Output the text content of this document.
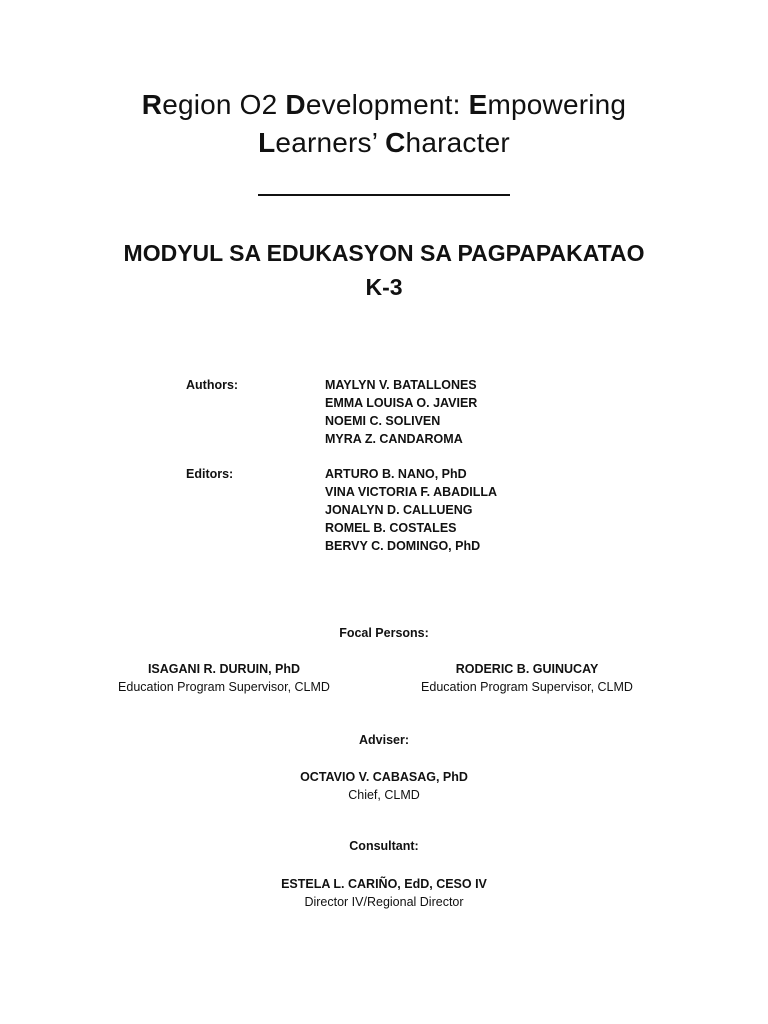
Region O2 Development: Empowering
Learners’ Character
MODYUL SA EDUKASYON SA PAGPAPAKATAO
K-3
Authors:	MAYLYN V. BATALLONES
EMMA LOUISA O. JAVIER
NOEMI C. SOLIVEN
MYRA Z. CANDAROMA
Editors:	ARTURO B. NANO, PhD
VINA VICTORIA F. ABADILLA
JONALYN D. CALLUENG
ROMEL B. COSTALES
BERVY C. DOMINGO, PhD
Focal Persons:
ISAGANI R. DURUIN, PhD
Education Program Supervisor, CLMD
RODERIC B. GUINUCAY
Education Program Supervisor, CLMD
Adviser:
OCTAVIO V. CABASAG, PhD
Chief, CLMD
Consultant:
ESTELA L. CARIÑO, EdD, CESO IV
Director IV/Regional Director
